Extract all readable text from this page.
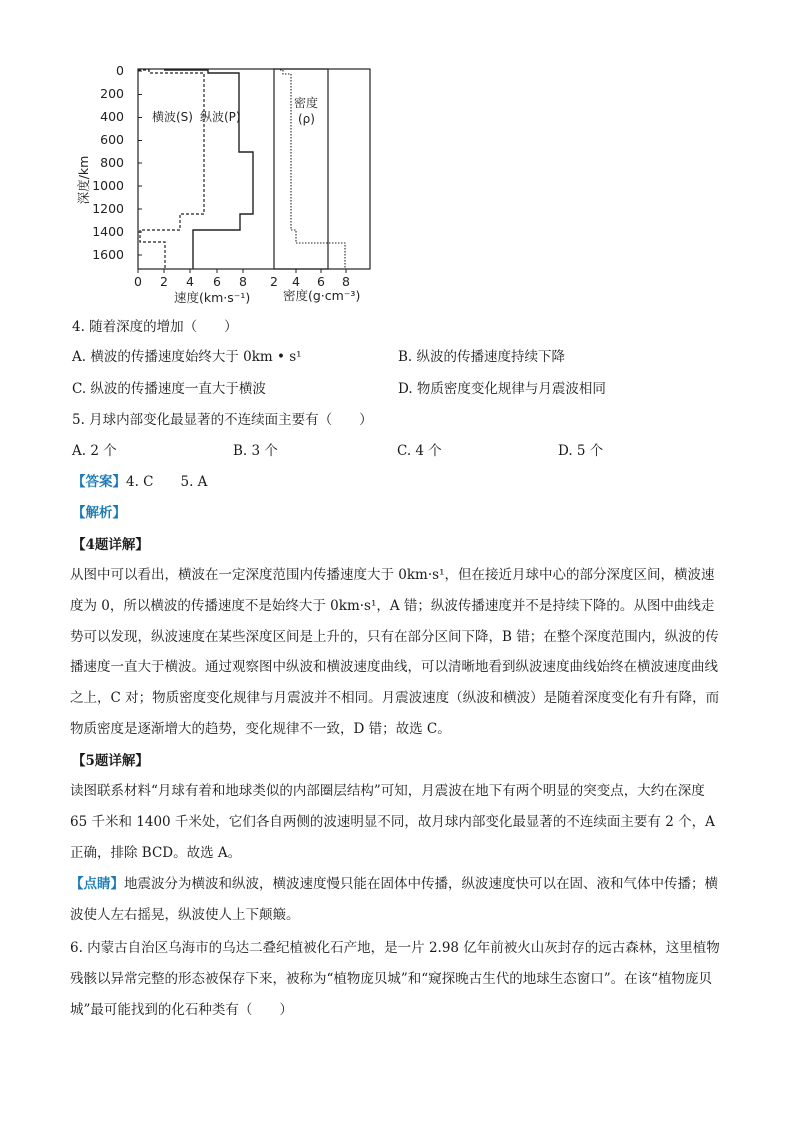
0
200
400
600
800
1000
1200
1400
1600
0 2 4 6 8
深度/km
速度(km·s⁻¹)
横波(S) 纵波(P)
2 4 6 8
密度(g·cm⁻³)
密度
(ρ)
4. 随着深度的增加（　　）
A. 横波的传播速度始终大于 0km • s¹	B. 纵波的传播速度持续下降
C. 纵波的传播速度一直大于横波	D. 物质密度变化规律与月震波相同
5. 月球内部变化最显著的不连续面主要有（　　）
A. 2 个	B. 3 个	C. 4 个	D. 5 个
【答案】4. C　　5. A
【解析】
【4题详解】
从图中可以看出，横波在一定深度范围内传播速度大于 0km·s¹，但在接近月球中心的部分深度区间，横波速度为 0，所以横波的传播速度不是始终大于 0km·s¹，A 错；纵波传播速度并不是持续下降的。从图中曲线走势可以发现，纵波速度在某些深度区间是上升的，只有在部分区间下降，B 错；在整个深度范围内，纵波的传播速度一直大于横波。通过观察图中纵波和横波速度曲线，可以清晰地看到纵波速度曲线始终在横波速度曲线之上，C 对；物质密度变化规律与月震波并不相同。月震波速度（纵波和横波）是随着深度变化有升有降，而物质密度是逐渐增大的趋势，变化规律不一致，D 错；故选 C。
【5题详解】
读图联系材料“月球有着和地球类似的内部圈层结构”可知，月震波在地下有两个明显的突变点，大约在深度 65 千米和 1400 千米处，它们各自两侧的波速明显不同，故月球内部变化最显著的不连续面主要有 2 个，A 正确，排除 BCD。故选 A。
【点睛】地震波分为横波和纵波，横波速度慢只能在固体中传播，纵波速度快可以在固、液和气体中传播；横波使人左右摇晃，纵波使人上下颠簸。
6. 内蒙古自治区乌海市的乌达二叠纪植被化石产地，是一片 2.98 亿年前被火山灰封存的远古森林，这里植物残骸以异常完整的形态被保存下来，被称为“植物庞贝城”和“窥探晚古生代的地球生态窗口”。在该“植物庞贝城”最可能找到的化石种类有（　　）
